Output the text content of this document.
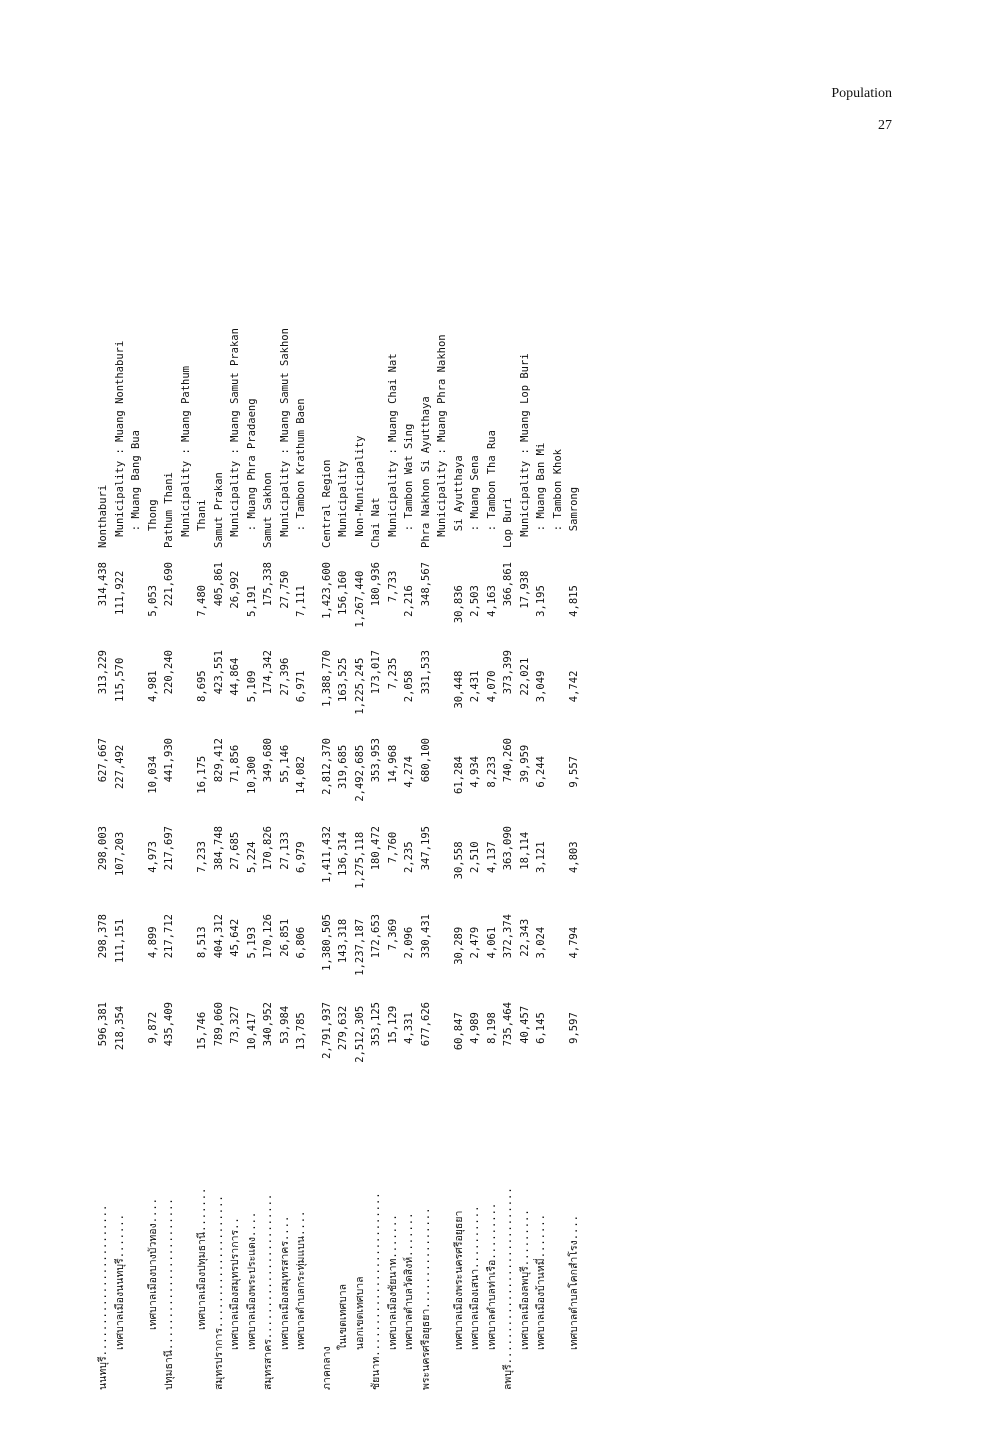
Population
27
นนทบุรี........................
596,381
298,378
298,003
627,667
313,229
314,438
Nonthaburi
เทศบาลเมืองนนทบุรี.......
218,354
111,151
107,203
227,492
115,570
111,922
Municipality : Muang Nonthaburi : Muang Bang Bua
เทศบาลเมืองบางบัวทอง....
9,872
4,899
4,973
10,034
4,981
5,053
Thong
ปทุมธานี........................
435,409
217,712
217,697
441,930
220,240
221,690
Pathum Thani Municipality : Muang Pathum
เทศบาลเมืองปทุมธานี.......
15,746
8,513
7,233
16,175
8,695
7,480
Thani
สมุทรปราการ.....................
789,060
404,312
384,748
829,412
423,551
405,861
Samut Prakan
เทศบาลเมืองสมุทรปราการ..
73,327
45,642
27,685
71,856
44,864
26,992
Municipality : Muang Samut Prakan
เทศบาลเมืองพระประแดง....
10,417
5,193
5,224
10,300
5,109
5,191
: Muang Phra Pradaeng
สมุทรสาคร.......................
340,952
170,126
170,826
349,680
174,342
175,338
Samut Sakhon
เทศบาลเมืองสมุทรสาคร....
53,984
26,851
27,133
55,146
27,396
27,750
Municipality : Muang Samut Sakhon
เทศบาลตำบลกระทุ่มแบน....
13,785
6,806
6,979
14,082
6,971
7,111
: Tambon Krathum Baen
ภาคกลาง
2,791,937
1,380,505
1,411,432
2,812,370
1,388,770
1,423,600
Central Region
ในเขตเทศบาล
279,632
143,318
136,314
319,685
163,525
156,160
Municipality
นอกเขตเทศบาล
2,512,305
1,237,187
1,275,118
2,492,685
1,225,245
1,267,440
Non-Municipality
ชัยนาท..........................
353,125
172,653
180,472
353,953
173,017
180,936
Chai Nat
เทศบาลเมืองชัยนาท.......
15,129
7,369
7,760
14,968
7,235
7,733
Municipality : Muang Chai Nat
เทศบาลตำบลวัดสิงห์.......
4,331
2,096
2,235
4,274
2,058
2,216
: Tambon Wat Sing
พระนครศรีอยุธยา................
677,626
330,431
347,195
680,100
331,533
348,567
Phra Nakhon Si Ayutthaya Municipality : Muang Phra Nakhon
เทศบาลเมืองพระนครศรีอยุธยา
60,847
30,289
30,558
61,284
30,448
30,836
Si Ayutthaya
เทศบาลเมืองเสนา..........
4,989
2,479
2,510
4,934
2,431
2,503
: Muang Sena
เทศบาลตำบลท่าเรือ.........
8,198
4,061
4,137
8,233
4,070
4,163
: Tambon Tha Rua
ลพบุรี............................
735,464
372,374
363,090
740,260
373,399
366,861
Lop Buri
เทศบาลเมืองลพบุรี.........
40,457
22,343
18,114
39,959
22,021
17,938
Municipality : Muang Lop Buri
เทศบาลเมืองบ้านหมี่.......
6,145
3,024
3,121
6,244
3,049
3,195
: Muang Ban Mi : Tambon Khok
เทศบาลตำบลโคกสำโรง....
9,597
4,794
4,803
9,557
4,742
4,815
Samrong
